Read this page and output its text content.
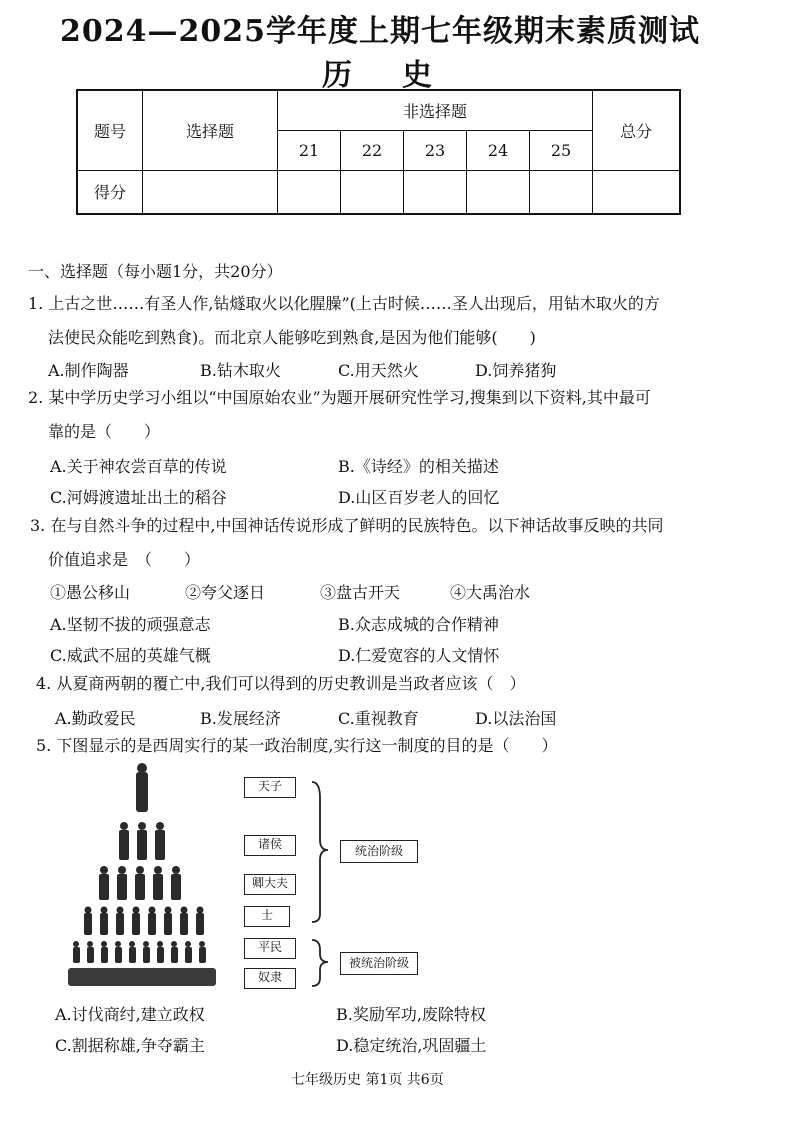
2024—2025学年度上期七年级期末素质测试
历 史
题号	选择题	非选择题					总分
		21	22	23	24	25	
得分							
一、选择题（每小题1分，共20分）
1. 上古之世……有圣人作,钻燧取火以化腥臊”(上古时候……圣人出现后，用钻木取火的方
法使民众能吃到熟食)。而北京人能够吃到熟食,是因为他们能够(　　)
A.制作陶器	B.钻木取火	C.用天然火	D.饲养猪狗
2. 某中学历史学习小组以“中国原始农业”为题开展研究性学习,搜集到以下资料,其中最可
靠的是（　　）
A.关于神农尝百草的传说	B.《诗经》的相关描述
C.河姆渡遗址出土的稻谷	D.山区百岁老人的回忆
3. 在与自然斗争的过程中,中国神话传说形成了鲜明的民族特色。以下神话故事反映的共同
价值追求是　（　　）
①愚公移山	②夸父逐日	③盘古开天	④大禹治水
A.坚韧不拔的顽强意志	B.众志成城的合作精神
C.威武不屈的英雄气概	D.仁爱宽容的人文情怀
4. 从夏商两朝的覆亡中,我们可以得到的历史教训是当政者应该（　）
A.勤政爱民	B.发展经济	C.重视教育	D.以法治国
5. 下图显示的是西周实行的某一政治制度,实行这一制度的目的是（　　）
天子
诸侯
卿大夫
士
平民
奴隶
统治阶级
被统治阶级
A.讨伐商纣,建立政权	B.奖励军功,废除特权
C.割据称雄,争夺霸主	D.稳定统治,巩固疆土
七年级历史 第1页 共6页
